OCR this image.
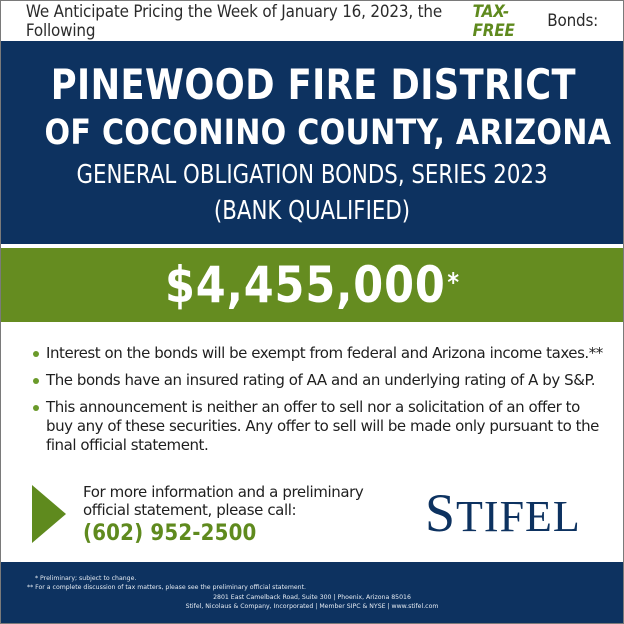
We Anticipate Pricing the Week of January 16, 2023, the Following
TAX-FREE	Bonds:
PINEWOOD FIRE DISTRICT
OF COCONINO COUNTY, ARIZONA
GENERAL OBLIGATION BONDS, SERIES 2023
(BANK QUALIFIED)
$4,455,000*
Interest on the bonds will be exempt from federal and Arizona income taxes.**
The bonds have an insured rating of AA and an underlying rating of A by S&P.
This announcement is neither an offer to sell nor a solicitation of an offer to buy any of these securities. Any offer to sell will be made only pursuant to the final official statement.
For more information and a preliminary
official statement, please call:
(602) 952-2500	STIFEL
* Preliminary; subject to change.
** For a complete discussion of tax matters, please see the preliminary official statement.
2801 East Camelback Road, Suite 300 | Phoenix, Arizona 85016
Stifel, Nicolaus & Company, Incorporated | Member SIPC & NYSE | www.stifel.com
